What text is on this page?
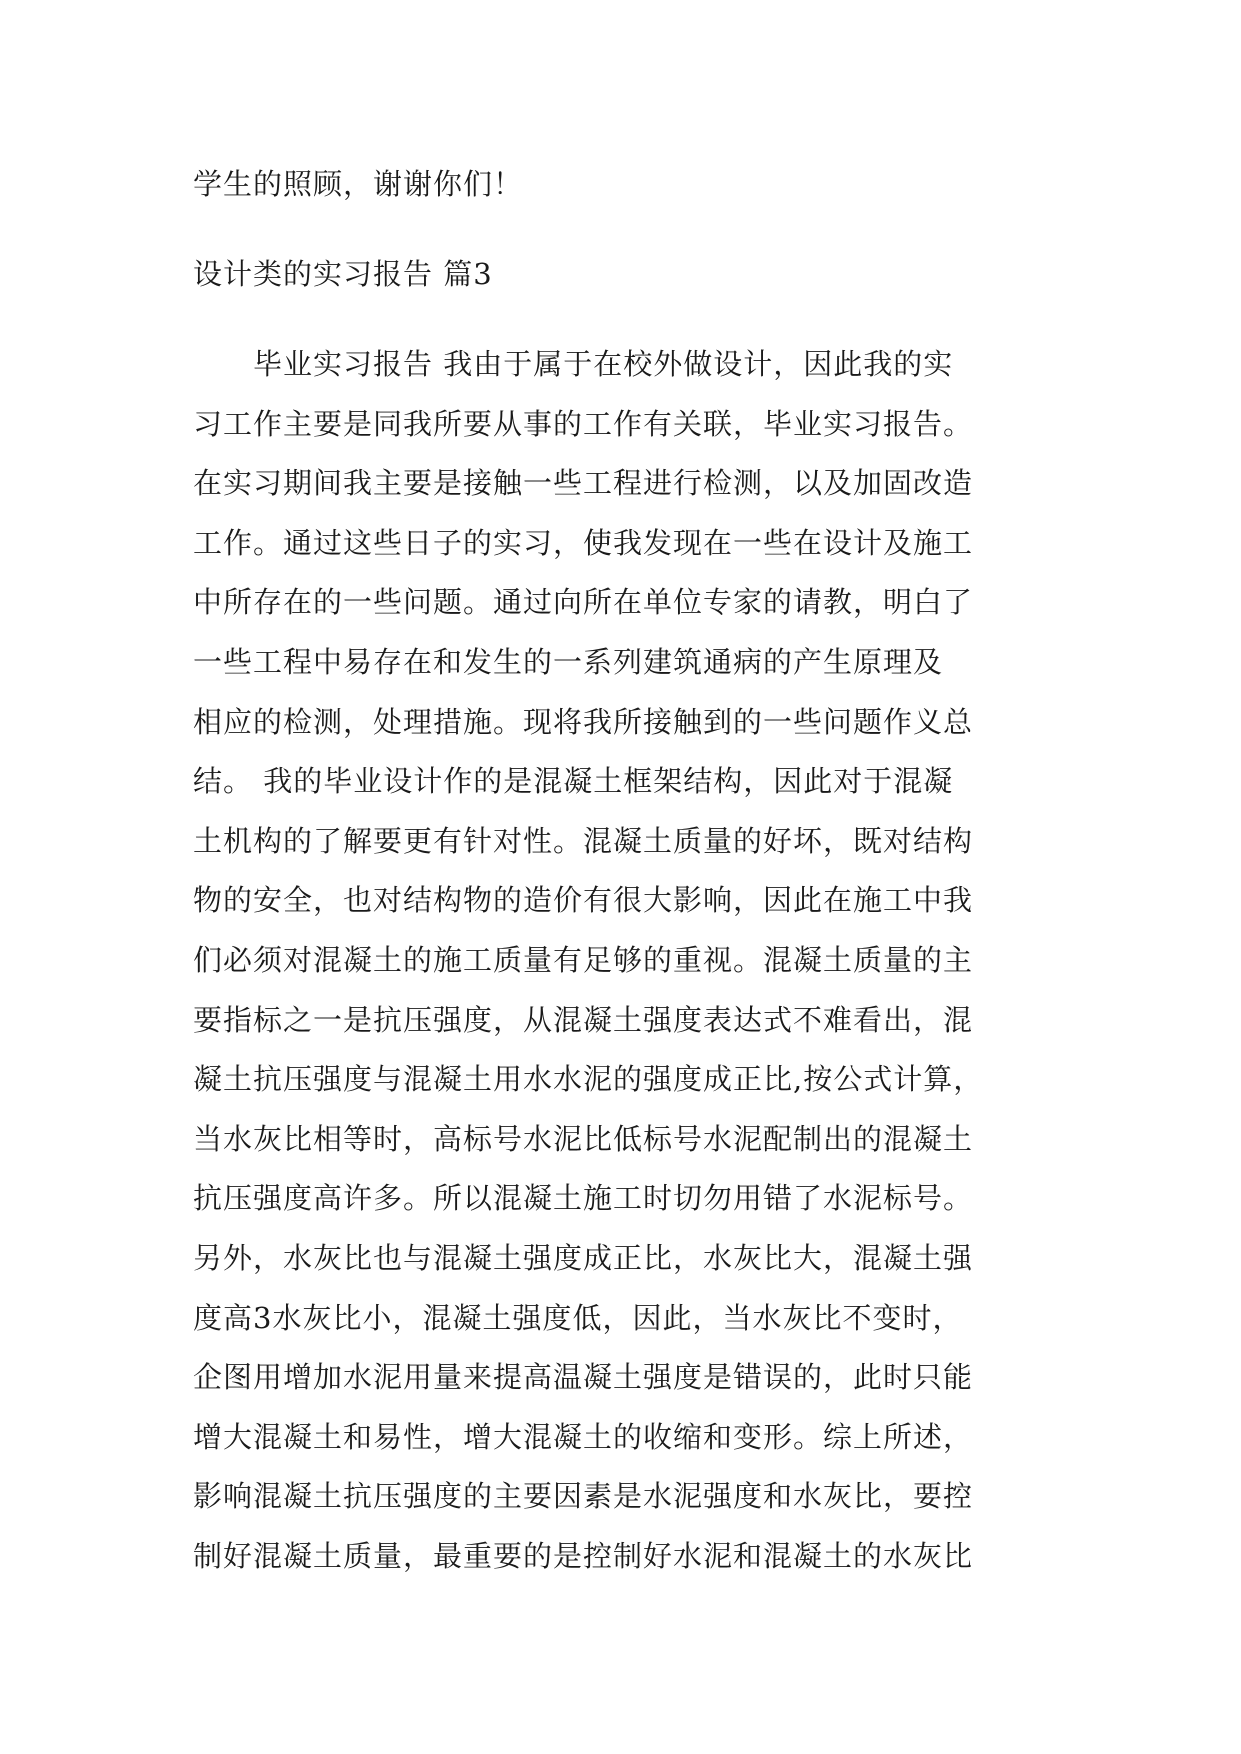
学生的照顾，谢谢你们！
设计类的实习报告 篇3
毕业实习报告 我由于属于在校外做设计，因此我的实
习工作主要是同我所要从事的工作有关联，毕业实习报告。
在实习期间我主要是接触一些工程进行检测，以及加固改造
工作。通过这些日子的实习，使我发现在一些在设计及施工
中所存在的一些问题。通过向所在单位专家的请教，明白了
一些工程中易存在和发生的一系列建筑通病的产生原理及
相应的检测，处理措施。现将我所接触到的一些问题作义总
结。 我的毕业设计作的是混凝土框架结构，因此对于混凝
土机构的了解要更有针对性。混凝土质量的好坏，既对结构
物的安全，也对结构物的造价有很大影响，因此在施工中我
们必须对混凝土的施工质量有足够的重视。混凝土质量的主
要指标之一是抗压强度，从混凝土强度表达式不难看出，混
凝土抗压强度与混凝土用水水泥的强度成正比,按公式计算，
当水灰比相等时，高标号水泥比低标号水泥配制出的混凝土
抗压强度高许多。所以混凝土施工时切勿用错了水泥标号。
另外，水灰比也与混凝土强度成正比，水灰比大，混凝土强
度高3水灰比小，混凝土强度低，因此，当水灰比不变时，
企图用增加水泥用量来提高温凝土强度是错误的，此时只能
增大混凝土和易性，增大混凝土的收缩和变形。综上所述，
影响混凝土抗压强度的主要因素是水泥强度和水灰比，要控
制好混凝土质量，最重要的是控制好水泥和混凝土的水灰比
